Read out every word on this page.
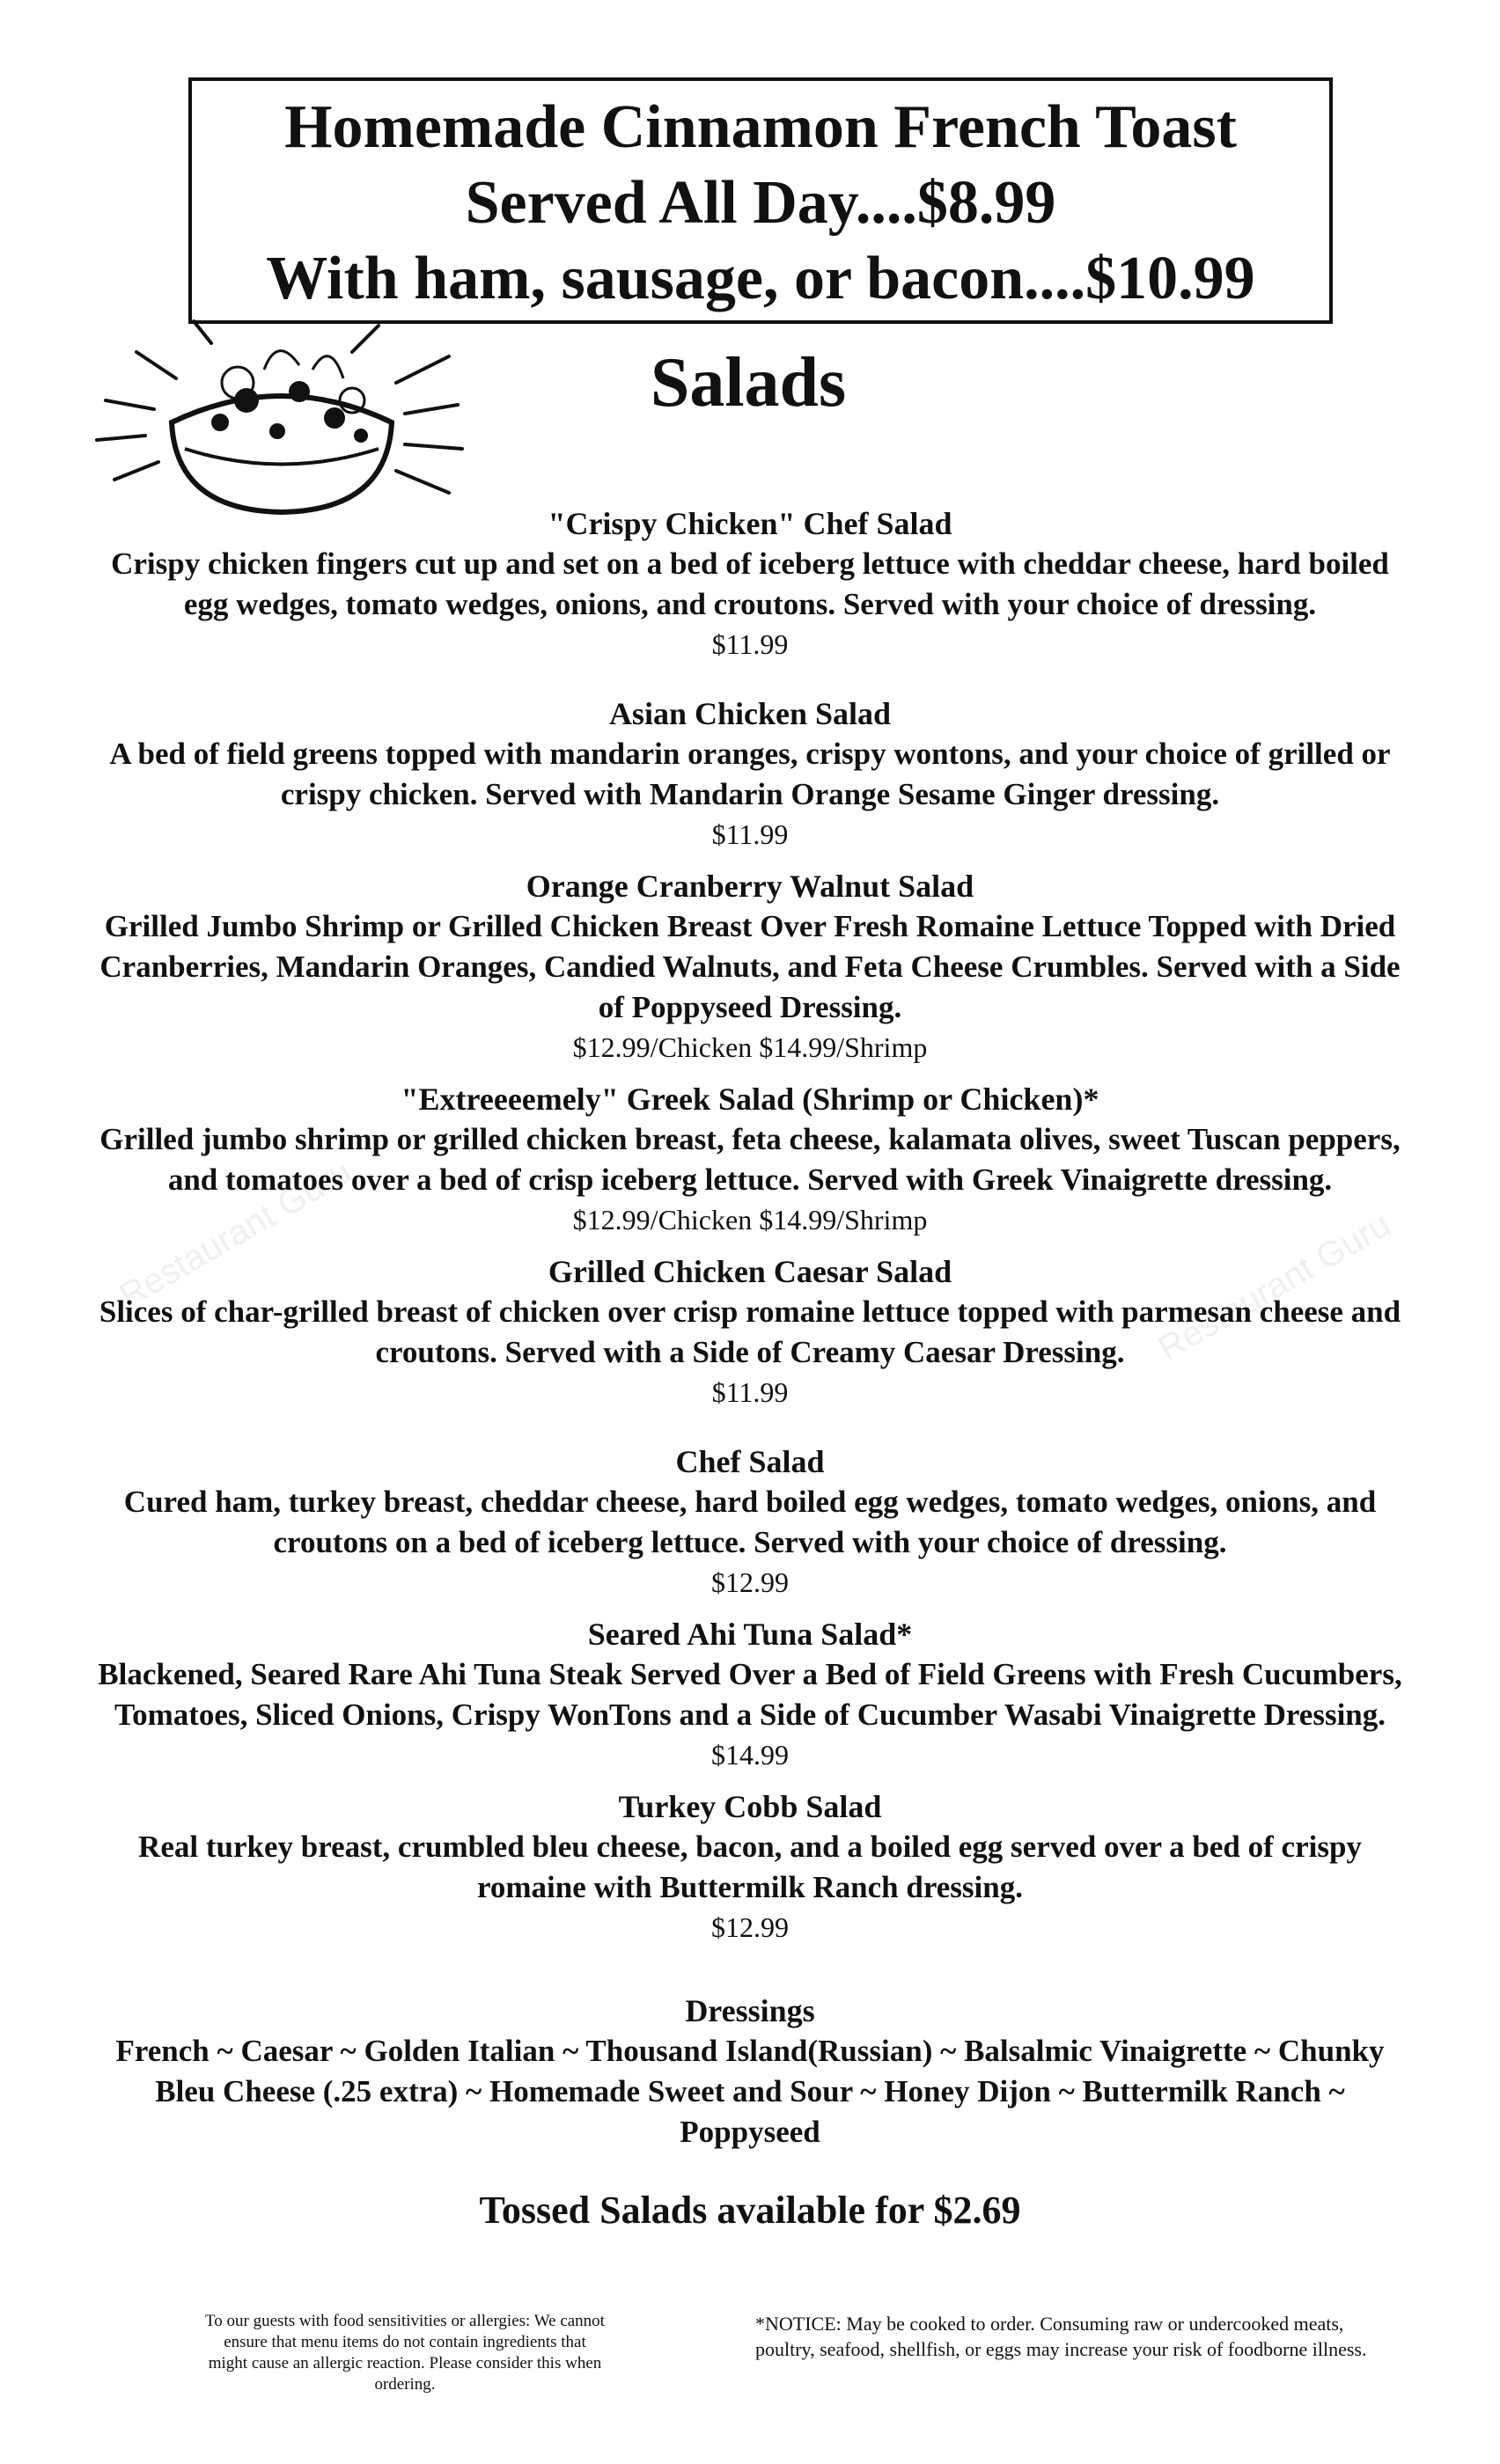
Restaurant Guru	Restaurant Guru
Homemade Cinnamon French Toast
Served All Day....$8.99
With ham, sausage, or bacon....$10.99
Salads
"Crispy Chicken" Chef Salad
Crispy chicken fingers cut up and set on a bed of iceberg lettuce with cheddar cheese, hard boiled egg wedges, tomato wedges, onions, and croutons. Served with your choice of dressing.
$11.99
Asian Chicken Salad
A bed of field greens topped with mandarin oranges, crispy wontons, and your choice of grilled or crispy chicken. Served with Mandarin Orange Sesame Ginger dressing.
$11.99
Orange Cranberry Walnut Salad
Grilled Jumbo Shrimp or Grilled Chicken Breast Over Fresh Romaine Lettuce Topped with Dried Cranberries, Mandarin Oranges, Candied Walnuts, and Feta Cheese Crumbles. Served with a Side of Poppyseed Dressing.
$12.99/Chicken $14.99/Shrimp
"Extreeeemely" Greek Salad (Shrimp or Chicken)*
Grilled jumbo shrimp or grilled chicken breast, feta cheese, kalamata olives, sweet Tuscan peppers, and tomatoes over a bed of crisp iceberg lettuce. Served with Greek Vinaigrette dressing.
$12.99/Chicken $14.99/Shrimp
Grilled Chicken Caesar Salad
Slices of char-grilled breast of chicken over crisp romaine lettuce topped with parmesan cheese and croutons. Served with a Side of Creamy Caesar Dressing.
$11.99
Chef Salad
Cured ham, turkey breast, cheddar cheese, hard boiled egg wedges, tomato wedges, onions, and croutons on a bed of iceberg lettuce. Served with your choice of dressing.
$12.99
Seared Ahi Tuna Salad*
Blackened, Seared Rare Ahi Tuna Steak Served Over a Bed of Field Greens with Fresh Cucumbers, Tomatoes, Sliced Onions, Crispy WonTons and a Side of Cucumber Wasabi Vinaigrette Dressing.
$14.99
Turkey Cobb Salad
Real turkey breast, crumbled bleu cheese, bacon, and a boiled egg served over a bed of crispy romaine with Buttermilk Ranch dressing.
$12.99
Dressings
French ~ Caesar ~ Golden Italian ~ Thousand Island(Russian) ~ Balsalmic Vinaigrette ~ Chunky Bleu Cheese (.25 extra) ~ Homemade Sweet and Sour ~ Honey Dijon ~ Buttermilk Ranch ~ Poppyseed
Tossed Salads available for $2.69
To our guests with food sensitivities or allergies: We cannot ensure that menu items do not contain ingredients that might cause an allergic reaction. Please consider this when ordering.
*NOTICE: May be cooked to order. Consuming raw or undercooked meats, poultry, seafood, shellfish, or eggs may increase your risk of foodborne illness.
